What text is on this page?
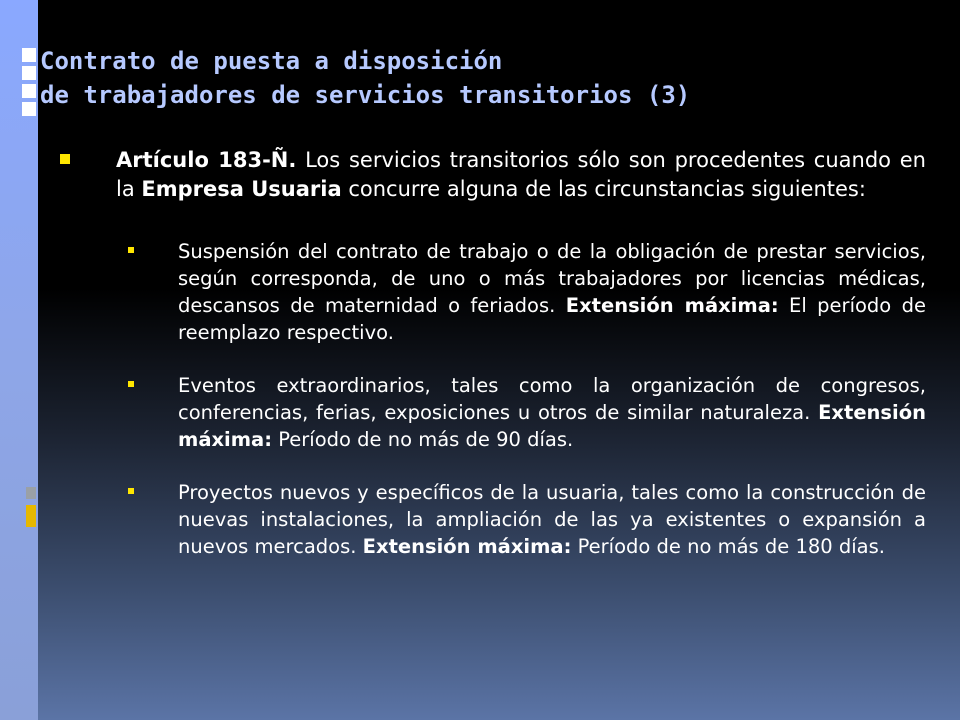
Contrato de puesta a disposición
de trabajadores de servicios transitorios (3)
Artículo 183-Ñ. Los servicios transitorios sólo son procedentes cuando en la Empresa Usuaria concurre alguna de las circunstancias siguientes:
Suspensión del contrato de trabajo o de la obligación de prestar servicios, según corresponda, de uno o más trabajadores por licencias médicas, descansos de maternidad o feriados. Extensión máxima: El período de reemplazo respectivo.
Eventos extraordinarios, tales como la organización de congresos, conferencias, ferias, exposiciones u otros de similar naturaleza. Extensión máxima: Período de no más de 90 días.
Proyectos nuevos y específicos de la usuaria, tales como la construcción de nuevas instalaciones, la ampliación de las ya existentes o expansión a nuevos mercados. Extensión máxima: Período de no más de 180 días.
